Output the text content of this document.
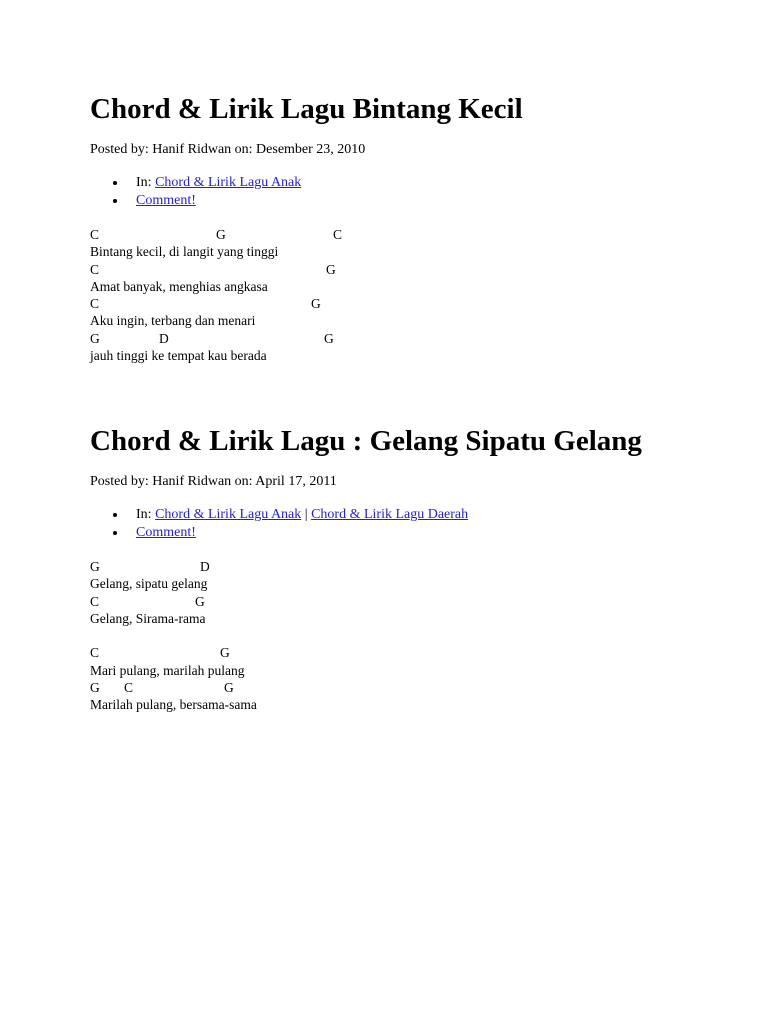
Chord & Lirik Lagu Bintang Kecil
Posted by: Hanif Ridwan on: Desember 23, 2010
In: Chord & Lirik Lagu Anak
Comment!
C	G	C
Bintang kecil, di langit yang tinggi
C	G
Amat banyak, menghias angkasa
C	G
Aku ingin, terbang dan menari
G	D	G
jauh tinggi ke tempat kau berada
Chord & Lirik Lagu : Gelang Sipatu Gelang
Posted by: Hanif Ridwan on: April 17, 2011
In: Chord & Lirik Lagu Anak | Chord & Lirik Lagu Daerah
Comment!
G	D
Gelang, sipatu gelang
C	G
Gelang, Sirama-rama
C	G
Mari pulang, marilah pulang
G C	G
Marilah pulang, bersama-sama
